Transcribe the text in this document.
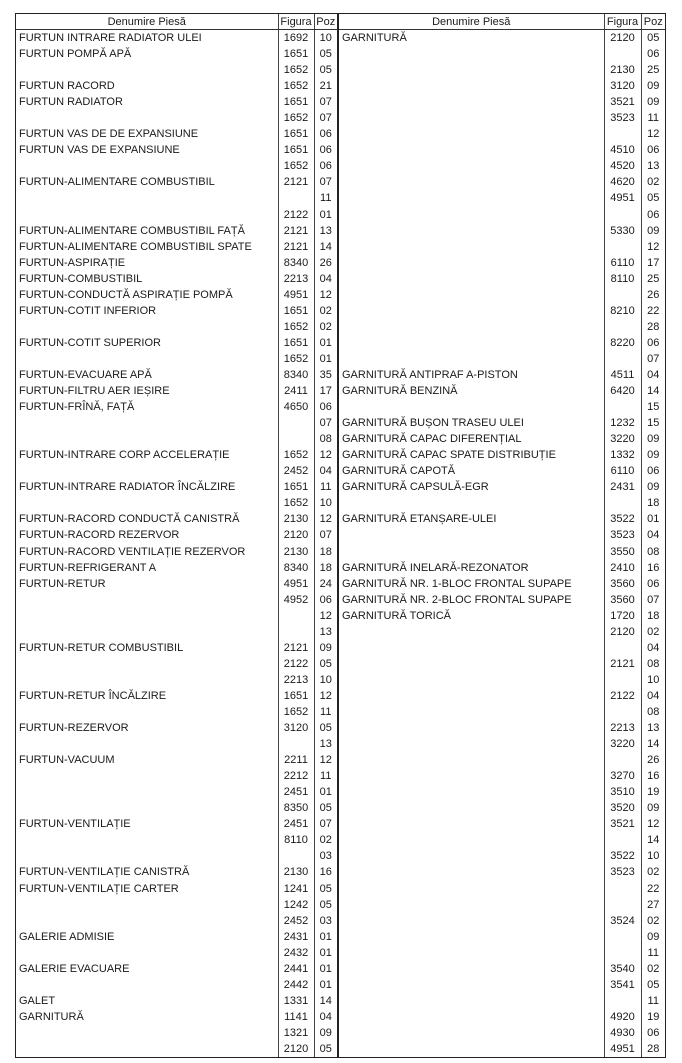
Denumire Piesă	Figura	Poz
FURTUN INTRARE RADIATOR ULEI	1692	10
FURTUN POMPĂ APĂ	1651	05
	1652	05
FURTUN RACORD	1652	21
FURTUN RADIATOR	1651	07
	1652	07
FURTUN VAS DE DE EXPANSIUNE	1651	06
FURTUN VAS DE EXPANSIUNE	1651	06
	1652	06
FURTUN-ALIMENTARE COMBUSTIBIL	2121	07
		11
	2122	01
FURTUN-ALIMENTARE COMBUSTIBIL FAȚĂ	2121	13
FURTUN-ALIMENTARE COMBUSTIBIL SPATE	2121	14
FURTUN-ASPIRAȚIE	8340	26
FURTUN-COMBUSTIBIL	2213	04
FURTUN-CONDUCTĂ ASPIRAȚIE POMPĂ	4951	12
FURTUN-COTIT INFERIOR	1651	02
	1652	02
FURTUN-COTIT SUPERIOR	1651	01
	1652	01
FURTUN-EVACUARE APĂ	8340	35
FURTUN-FILTRU AER IEȘIRE	2411	17
FURTUN-FRÎNĂ, FAȚĂ	4650	06
		07
		08
FURTUN-INTRARE CORP ACCELERAȚIE	1652	12
	2452	04
FURTUN-INTRARE RADIATOR ÎNCĂLZIRE	1651	11
	1652	10
FURTUN-RACORD CONDUCTĂ CANISTRĂ	2130	12
FURTUN-RACORD REZERVOR	2120	07
FURTUN-RACORD VENTILAȚIE REZERVOR	2130	18
FURTUN-REFRIGERANT A	8340	18
FURTUN-RETUR	4951	24
	4952	06
		12
		13
FURTUN-RETUR COMBUSTIBIL	2121	09
	2122	05
	2213	10
FURTUN-RETUR ÎNCĂLZIRE	1651	12
	1652	11
FURTUN-REZERVOR	3120	05
		13
FURTUN-VACUUM	2211	12
	2212	11
	2451	01
	8350	05
FURTUN-VENTILAȚIE	2451	07
	8110	02
		03
FURTUN-VENTILAȚIE CANISTRĂ	2130	16
FURTUN-VENTILAȚIE CARTER	1241	05
	1242	05
	2452	03
GALERIE ADMISIE	2431	01
	2432	01
GALERIE EVACUARE	2441	01
	2442	01
GALET	1331	14
GARNITURĂ	1141	04
	1321	09
	2120	05
Denumire Piesă	Figura	Poz
GARNITURĂ	2120	05
		06
	2130	25
	3120	09
	3521	09
	3523	11
		12
	4510	06
	4520	13
	4620	02
	4951	05
		06
	5330	09
		12
	6110	17
	8110	25
		26
	8210	22
		28
	8220	06
		07
GARNITURĂ ANTIPRAF A-PISTON	4511	04
GARNITURĂ BENZINĂ	6420	14
		15
GARNITURĂ BUȘON TRASEU ULEI	1232	15
GARNITURĂ CAPAC DIFERENȚIAL	3220	09
GARNITURĂ CAPAC SPATE DISTRIBUȚIE	1332	09
GARNITURĂ CAPOTĂ	6110	06
GARNITURĂ CAPSULĂ-EGR	2431	09
		18
GARNITURĂ ETANȘARE-ULEI	3522	01
	3523	04
	3550	08
GARNITURĂ INELARĂ-REZONATOR	2410	16
GARNITURĂ NR. 1-BLOC FRONTAL SUPAPE	3560	06
GARNITURĂ NR. 2-BLOC FRONTAL SUPAPE	3560	07
GARNITURĂ TORICĂ	1720	18
	2120	02
		04
	2121	08
		10
	2122	04
		08
	2213	13
	3220	14
		26
	3270	16
	3510	19
	3520	09
	3521	12
		14
	3522	10
	3523	02
		22
		27
	3524	02
		09
		11
	3540	02
	3541	05
		11
	4920	19
	4930	06
	4951	28
